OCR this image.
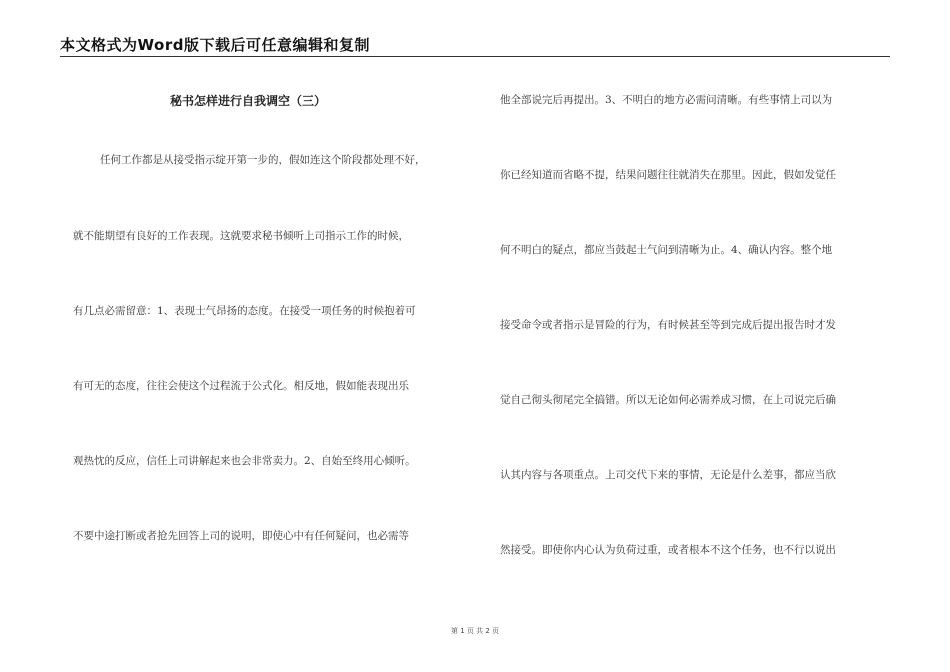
本文格式为Word版下载后可任意编辑和复制
秘书怎样进行自我调空（三）
任何工作都是从接受指示绽开第一步的，假如连这个阶段都处理不好，
就不能期望有良好的工作表现。这就要求秘书倾听上司指示工作的时候，
有几点必需留意：1、表现士气昂扬的态度。在接受一项任务的时候抱着可
有可无的态度，往往会使这个过程流于公式化。相反地，假如能表现出乐
观热忱的反应，信任上司讲解起来也会非常卖力。2、自始至终用心倾听。
不要中途打断或者抢先回答上司的说明，即使心中有任何疑问，也必需等
他全部说完后再提出。3、不明白的地方必需问清晰。有些事情上司以为
你已经知道而省略不提，结果问题往往就消失在那里。因此，假如发觉任
何不明白的疑点，都应当鼓起士气问到清晰为止。4、确认内容。整个地
接受命令或者指示是冒险的行为，有时候甚至等到完成后提出报告时才发
觉自己彻头彻尾完全搞错。所以无论如何必需养成习惯，在上司说完后确
认其内容与各项重点。上司交代下来的事情，无论是什么差事，都应当欣
然接受。即使你内心认为负荷过重，或者根本不这个任务，也不行以说出
第 1 页 共 2 页
